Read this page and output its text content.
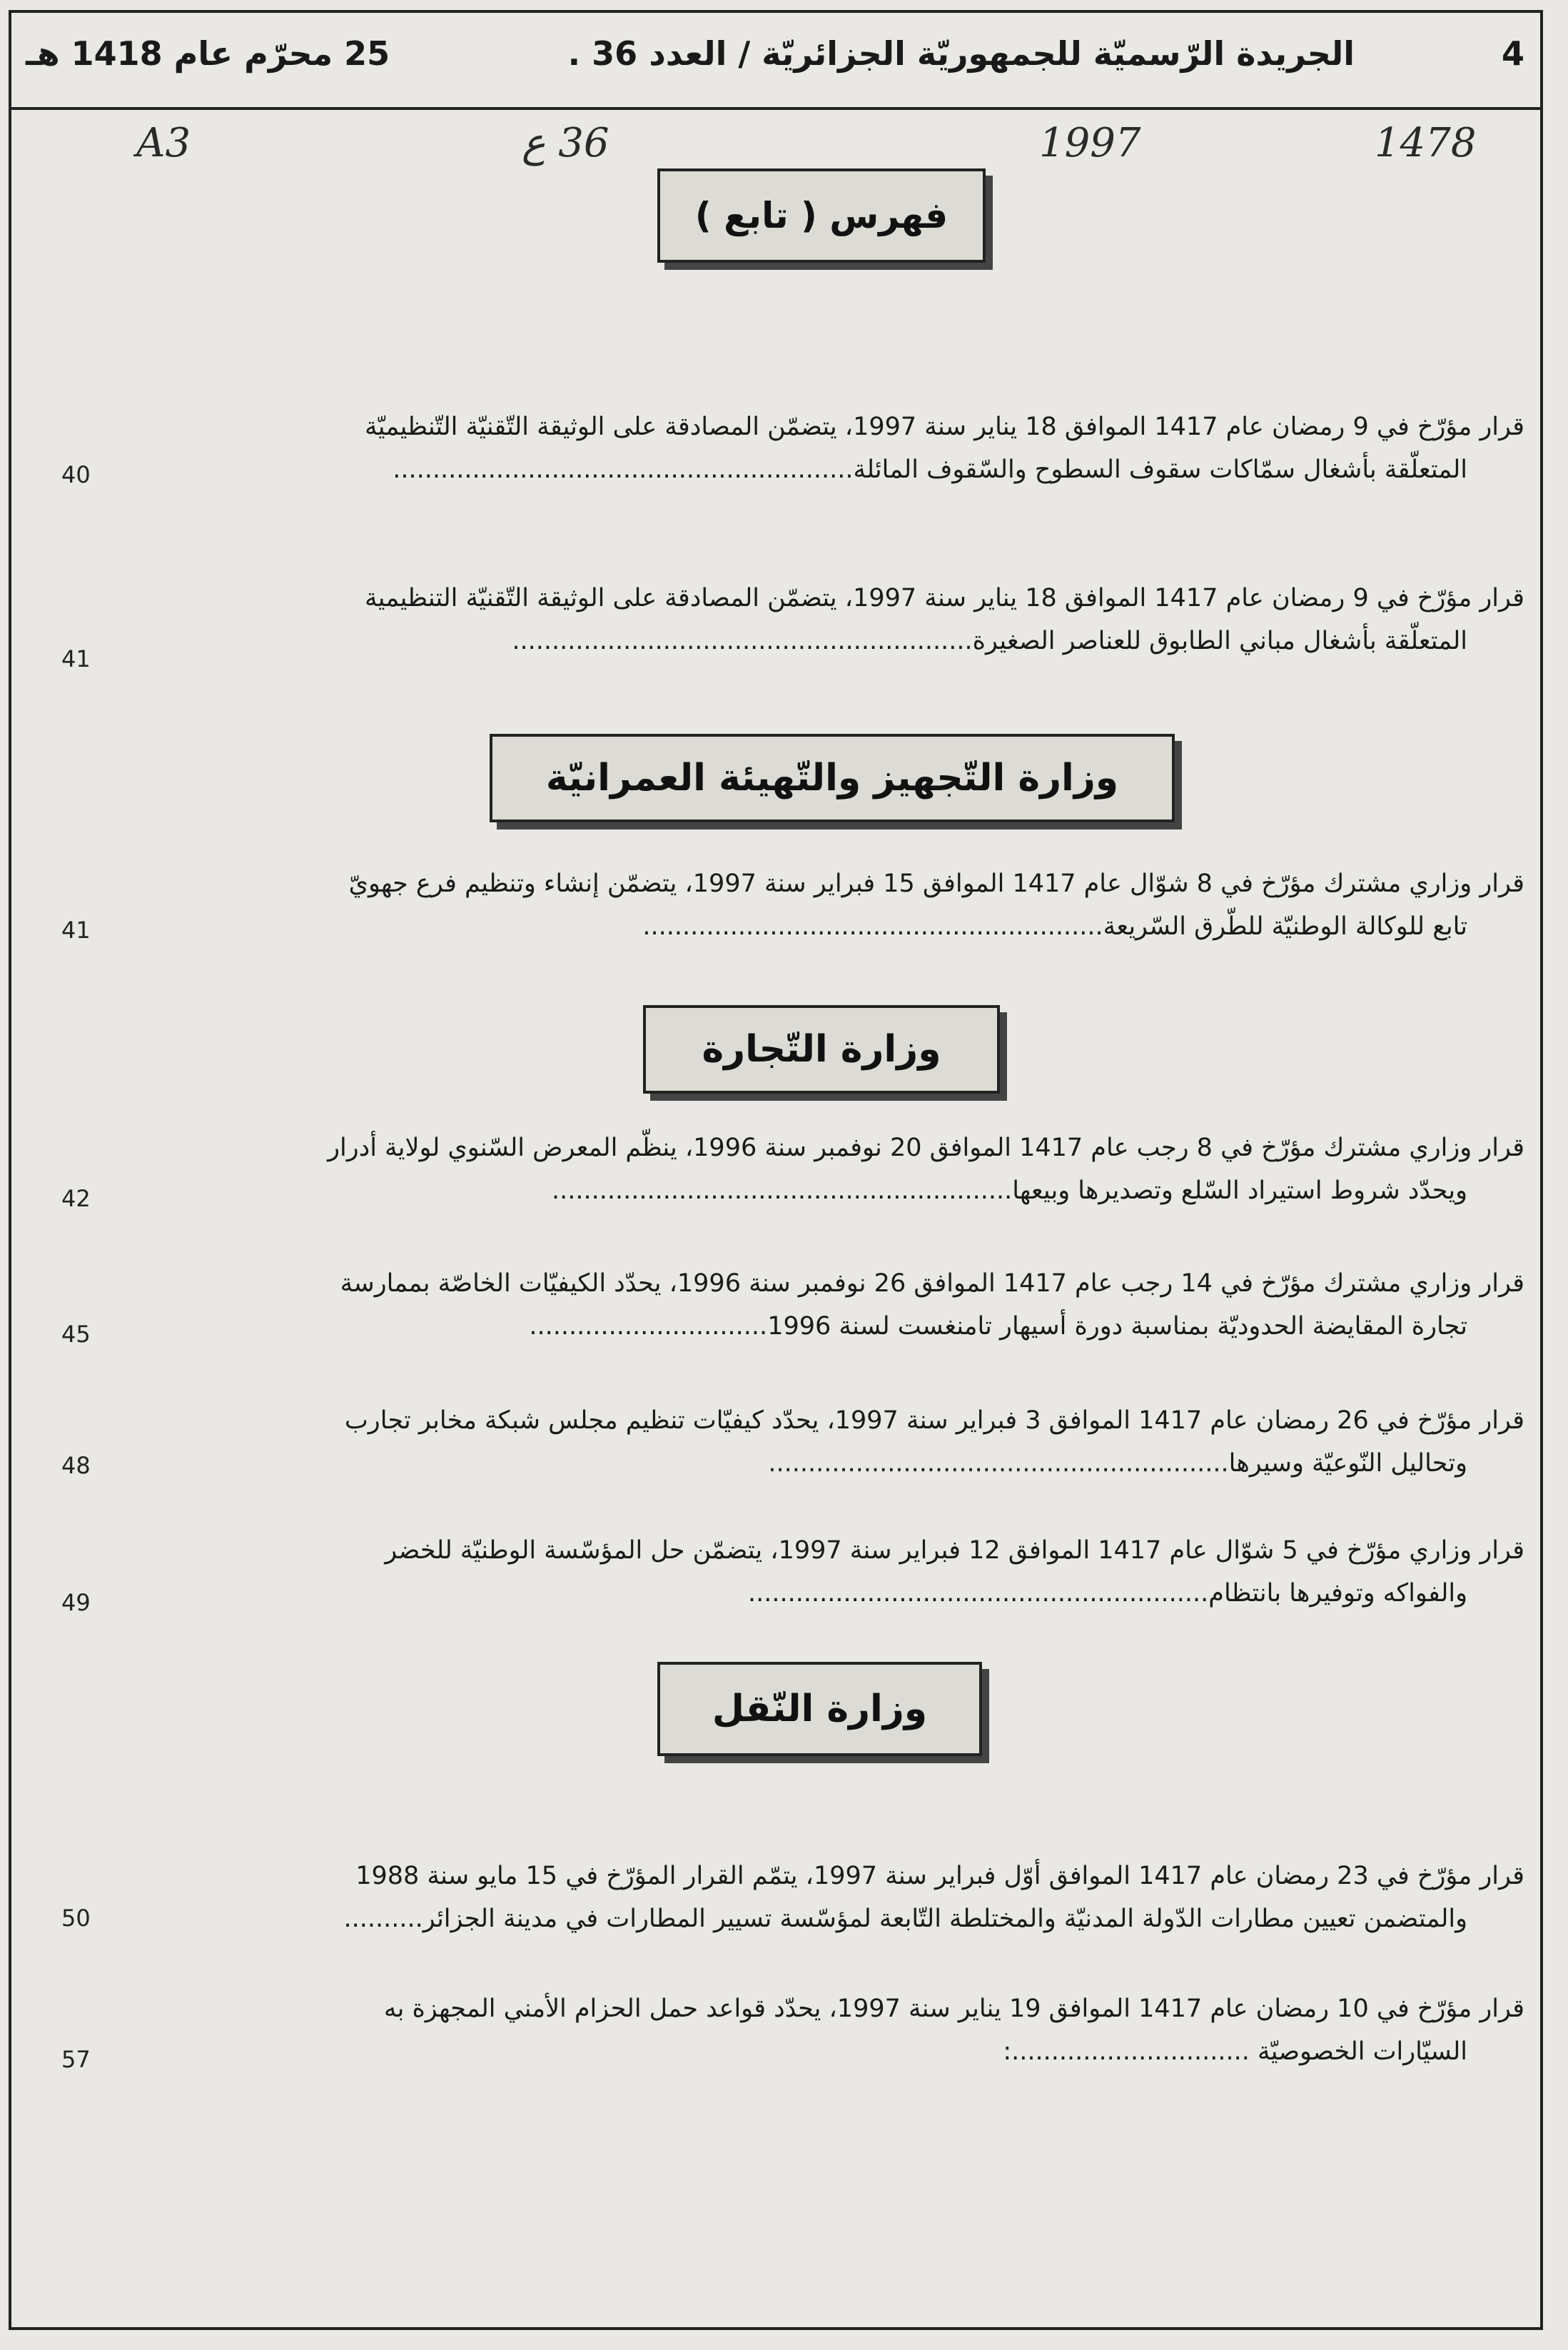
4
الجريدة الرّسميّة للجمهوريّة الجزائريّة / العدد 36 .
25 محرّم عام 1418 هـ
A3	36 ع	1997	1478
فهرس ( تابع )
قرار مؤرّخ في 9 رمضان عام 1417 الموافق 18 يناير سنة 1997، يتضمّن المصادقة على الوثيقة التّقنيّة التّنظيميّة
المتعلّقة بأشغال سمّاكات سقوف السطوح والسّقوف المائلة..........................................................
40
قرار مؤرّخ في 9 رمضان عام 1417 الموافق 18 يناير سنة 1997، يتضمّن المصادقة على الوثيقة التّقنيّة التنظيمية
المتعلّقة بأشغال مباني الطابوق للعناصر الصغيرة..........................................................
41
وزارة التّجهيز والتّهيئة العمرانيّة
قرار وزاري مشترك مؤرّخ في 8 شوّال عام 1417 الموافق 15 فبراير سنة 1997، يتضمّن إنشاء وتنظيم فرع جهويّ
تابع للوكالة الوطنيّة للطّرق السّريعة..........................................................
41
وزارة التّجارة
قرار وزاري مشترك مؤرّخ في 8 رجب عام 1417 الموافق 20 نوفمبر سنة 1996، ينظّم المعرض السّنوي لولاية أدرار
ويحدّد شروط استيراد السّلع وتصديرها وبيعها..........................................................
42
قرار وزاري مشترك مؤرّخ في 14 رجب عام 1417 الموافق 26 نوفمبر سنة 1996، يحدّد الكيفيّات الخاصّة بممارسة
تجارة المقايضة الحدوديّة بمناسبة دورة أسيهار تامنغست لسنة 1996..............................
45
قرار مؤرّخ في 26 رمضان عام 1417 الموافق 3 فبراير سنة 1997، يحدّد كيفيّات تنظيم مجلس شبكة مخابر تجارب
وتحاليل النّوعيّة وسيرها..........................................................
48
قرار وزاري مؤرّخ في 5 شوّال عام 1417 الموافق 12 فبراير سنة 1997، يتضمّن حل المؤسّسة الوطنيّة للخضر
والفواكه وتوفيرها بانتظام..........................................................
49
وزارة النّقل
قرار مؤرّخ في 23 رمضان عام 1417 الموافق أوّل فبراير سنة 1997، يتمّم القرار المؤرّخ في 15 مايو سنة 1988
والمتضمن تعيين مطارات الدّولة المدنيّة والمختلطة التّابعة لمؤسّسة تسيير المطارات في مدينة الجزائر..........
50
قرار مؤرّخ في 10 رمضان عام 1417 الموافق 19 يناير سنة 1997، يحدّد قواعد حمل الحزام الأمني المجهزة به
السيّارات الخصوصيّة ..............................:
57
